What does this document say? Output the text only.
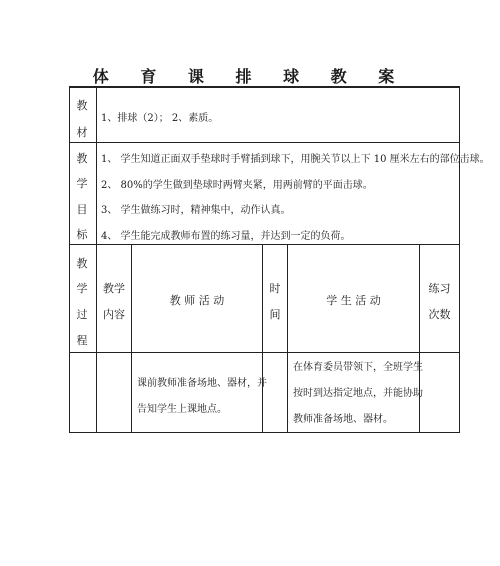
体 育 课 排 球 教 案
教
材
1、排球（2）； 2、素质。
教
学
目
标
1、 学生知道正面双手垫球时手臂插到球下，用腕关节以上下 10 厘米左右的部位击球。
2、 80%的学生做到垫球时两臂夹紧，用两前臂的平面击球。
3、 学生做练习时，精神集中，动作认真。
4、 学生能完成教师布置的练习量，并达到一定的负荷。
教
学
过
程
教学
内容
教 师 活 动
时
间
学 生 活 动
练习
次数
课前教师准备场地、器材，并
告知学生上课地点。
在体育委员带领下，全班学生
按时到达指定地点，并能协助
教师准备场地、器材。
